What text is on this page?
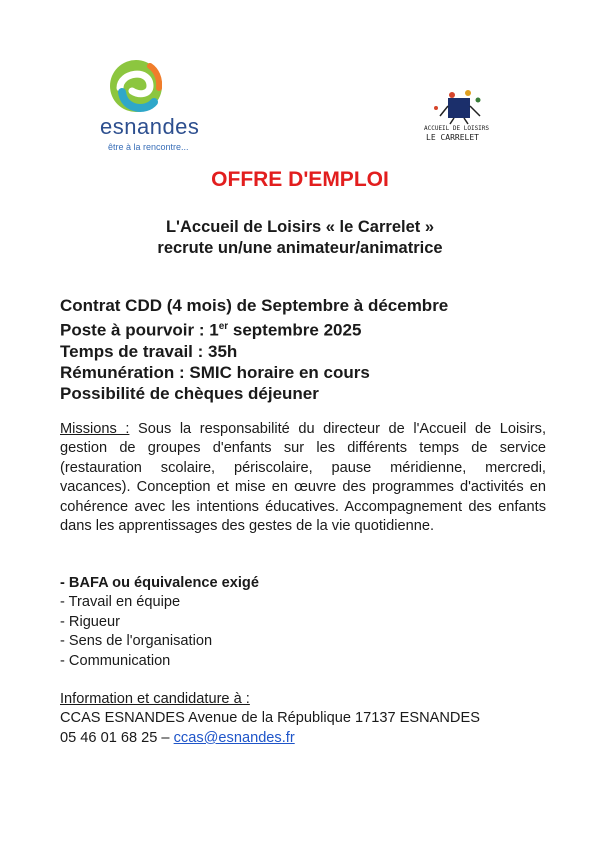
esnandes
être à la rencontre...
ACCUEIL DE LOISIRS
LE CARRELET
OFFRE D'EMPLOI
L'Accueil de Loisirs « le Carrelet »
recrute un/une animateur/animatrice
Contrat CDD (4 mois) de Septembre à décembre
Poste à pourvoir : 1er septembre 2025
Temps de travail : 35h
Rémunération : SMIC horaire en cours
Possibilité de chèques déjeuner
Missions : Sous la responsabilité du directeur de l'Accueil de Loisirs, gestion de groupes d'enfants sur les différents temps de service (restauration scolaire, périscolaire, pause méridienne, mercredi, vacances). Conception et mise en œuvre des programmes d'activités en cohérence avec les intentions éducatives. Accompagnement des enfants dans les apprentissages des gestes de la vie quotidienne.
- BAFA ou équivalence exigé
- Travail en équipe
- Rigueur
- Sens de l'organisation
- Communication
Information et candidature à :
CCAS ESNANDES Avenue de la République 17137 ESNANDES
05 46 01 68 25 – ccas@esnandes.fr
